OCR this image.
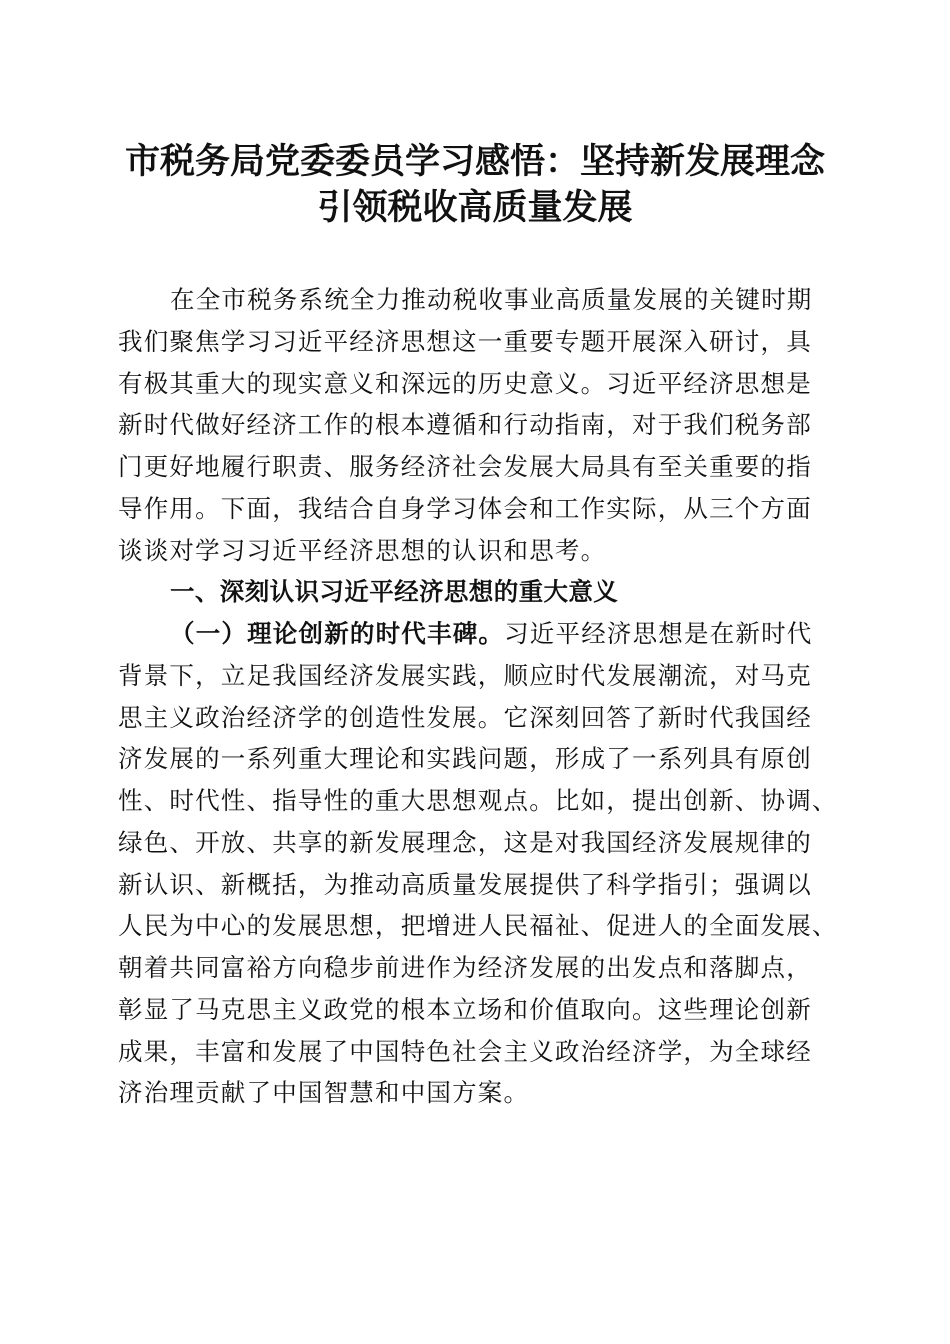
市税务局党委委员学习感悟：坚持新发展理念
引领税收高质量发展
在全市税务系统全力推动税收事业高质量发展的关键时期
我们聚焦学习习近平经济思想这一重要专题开展深入研讨，具
有极其重大的现实意义和深远的历史意义。习近平经济思想是
新时代做好经济工作的根本遵循和行动指南，对于我们税务部
门更好地履行职责、服务经济社会发展大局具有至关重要的指
导作用。下面，我结合自身学习体会和工作实际，从三个方面
谈谈对学习习近平经济思想的认识和思考。
一、深刻认识习近平经济思想的重大意义
（一）理论创新的时代丰碑。习近平经济思想是在新时代
背景下，立足我国经济发展实践，顺应时代发展潮流，对马克
思主义政治经济学的创造性发展。它深刻回答了新时代我国经
济发展的一系列重大理论和实践问题，形成了一系列具有原创
性、时代性、指导性的重大思想观点。比如，提出创新、协调、
绿色、开放、共享的新发展理念，这是对我国经济发展规律的
新认识、新概括，为推动高质量发展提供了科学指引；强调以
人民为中心的发展思想，把增进人民福祉、促进人的全面发展、
朝着共同富裕方向稳步前进作为经济发展的出发点和落脚点，
彰显了马克思主义政党的根本立场和价值取向。这些理论创新
成果，丰富和发展了中国特色社会主义政治经济学，为全球经
济治理贡献了中国智慧和中国方案。
